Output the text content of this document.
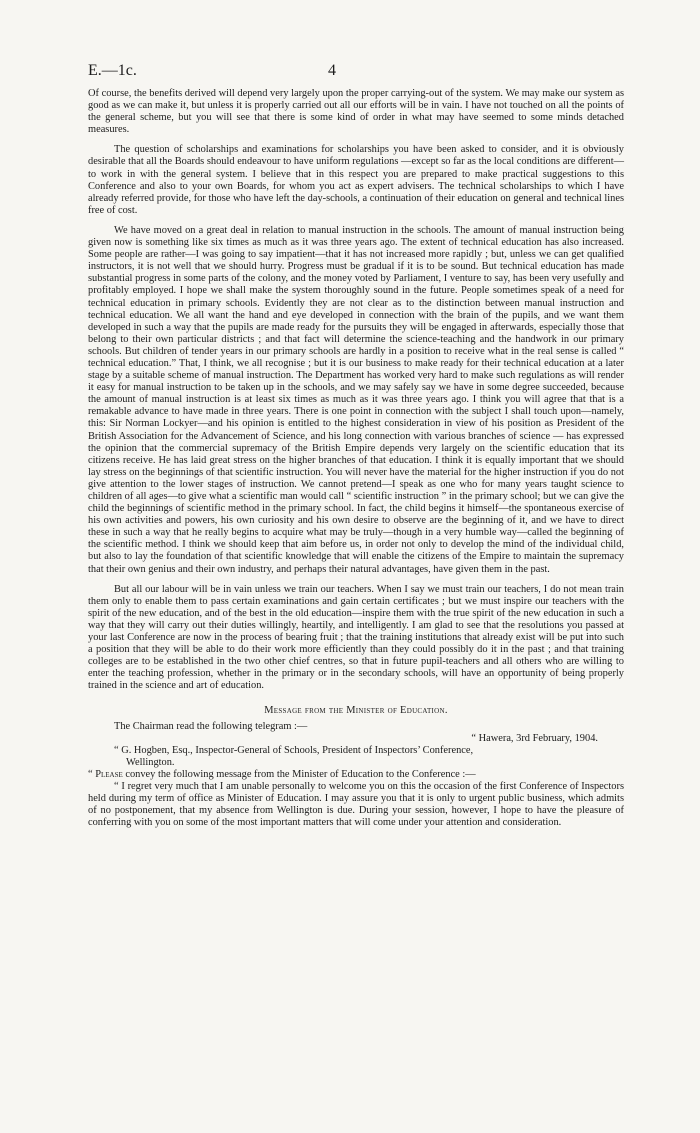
E.—1c.	4

Of course, the benefits derived will depend very largely upon the proper carrying-out of the system. We may make our system as good as we can make it, but unless it is properly carried out all our efforts will be in vain. I have not touched on all the points of the general scheme, but you will see that there is some kind of order in what may have seemed to some minds detached measures.

The question of scholarships and examinations for scholarships you have been asked to consider, and it is obviously desirable that all the Boards should endeavour to have uniform regulations —except so far as the local conditions are different—to work in with the general system. I believe that in this respect you are prepared to make practical suggestions to this Conference and also to your own Boards, for whom you act as expert advisers. The technical scholarships to which I have already referred provide, for those who have left the day-schools, a continuation of their education on general and technical lines free of cost.

We have moved on a great deal in relation to manual instruction in the schools. The amount of manual instruction being given now is something like six times as much as it was three years ago. The extent of technical education has also increased. Some people are rather—I was going to say impatient—that it has not increased more rapidly ; but, unless we can get qualified instructors, it is not well that we should hurry. Progress must be gradual if it is to be sound. But technical education has made substantial progress in some parts of the colony, and the money voted by Parliament, I venture to say, has been very usefully and profitably employed. I hope we shall make the system thoroughly sound in the future. People sometimes speak of a need for technical education in primary schools. Evidently they are not clear as to the distinction between manual instruction and technical education. We all want the hand and eye developed in connection with the brain of the pupils, and we want them developed in such a way that the pupils are made ready for the pursuits they will be engaged in afterwards, especially those that belong to their own particular districts ; and that fact will determine the science-teaching and the handwork in our primary schools. But children of tender years in our primary schools are hardly in a position to receive what in the real sense is called “ technical education.” That, I think, we all recognise ; but it is our business to make ready for their technical education at a later stage by a suitable scheme of manual instruction. The Department has worked very hard to make such regulations as will render it easy for manual instruction to be taken up in the schools, and we may safely say we have in some degree succeeded, because the amount of manual instruction is at least six times as much as it was three years ago. I think you will agree that that is a remakable advance to have made in three years. There is one point in connection with the subject I shall touch upon—namely, this: Sir Norman Lockyer—and his opinion is entitled to the highest consideration in view of his position as President of the British Association for the Advancement of Science, and his long connection with various branches of science — has expressed the opinion that the commercial supremacy of the British Empire depends very largely on the scientific education that its citizens receive. He has laid great stress on the higher branches of that education. I think it is equally important that we should lay stress on the beginnings of that scientific instruction. You will never have the material for the higher instruction if you do not give attention to the lower stages of instruction. We cannot pretend—I speak as one who for many years taught science to children of all ages—to give what a scientific man would call “ scientific instruction ” in the primary school; but we can give the child the beginnings of scientific method in the primary school. In fact, the child begins it himself—the spontaneous exercise of his own activities and powers, his own curiosity and his own desire to observe are the beginning of it, and we have to direct these in such a way that he really begins to acquire what may be truly—though in a very humble way—called the beginning of the scientific method. I think we should keep that aim before us, in order not only to develop the mind of the individual child, but also to lay the foundation of that scientific knowledge that will enable the citizens of the Empire to maintain the supremacy that their own genius and their own industry, and perhaps their natural advantages, have given them in the past.

But all our labour will be in vain unless we train our teachers. When I say we must train our teachers, I do not mean train them only to enable them to pass certain examinations and gain certain certificates ; but we must inspire our teachers with the spirit of the new education, and of the best in the old education—inspire them with the true spirit of the new education in such a way that they will carry out their duties willingly, heartily, and intelligently. I am glad to see that the resolutions you passed at your last Conference are now in the process of bearing fruit ; that the training institutions that already exist will be put into such a position that they will be able to do their work more efficiently than they could possibly do it in the past ; and that training colleges are to be established in the two other chief centres, so that in future pupil-teachers and all others who are willing to enter the teaching profession, whether in the primary or in the secondary schools, will have an opportunity of being properly trained in the science and art of education.

Message from the Minister of Education.

The Chairman read the following telegram :—

“ Hawera, 3rd February, 1904.
“ G. Hogben, Esq., Inspector-General of Schools, President of Inspectors’ Conference,
Wellington.

“ Please convey the following message from the Minister of Education to the Conference :—

“ I regret very much that I am unable personally to welcome you on this the occasion of the first Conference of Inspectors held during my term of office as Minister of Education. I may assure you that it is only to urgent public business, which admits of no postponement, that my absence from Wellington is due. During your session, however, I hope to have the pleasure of conferring with you on some of the most important matters that will come under your attention and consideration.
